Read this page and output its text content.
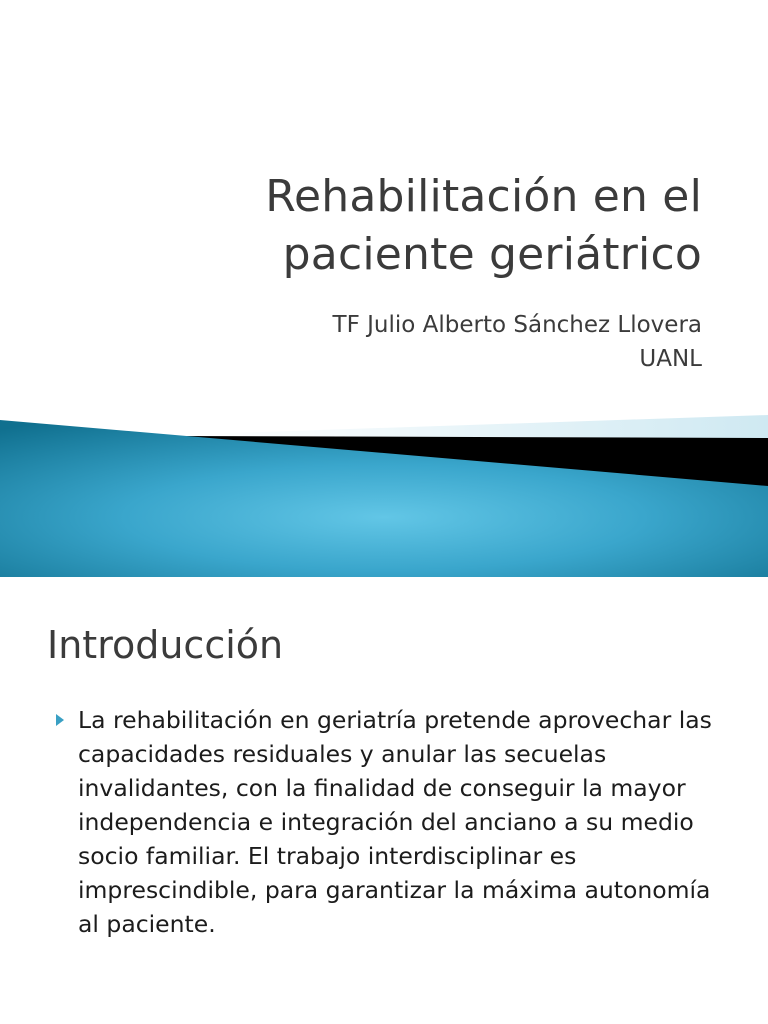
Rehabilitación en el paciente geriátrico
TF Julio Alberto Sánchez Llovera
UANL
Introducción
La rehabilitación en geriatría pretende aprovechar las capacidades residuales y anular las secuelas invalidantes, con la finalidad de conseguir la mayor independencia e integración del anciano a su medio socio familiar. El trabajo interdisciplinar es imprescindible, para garantizar la máxima autonomía al paciente.
